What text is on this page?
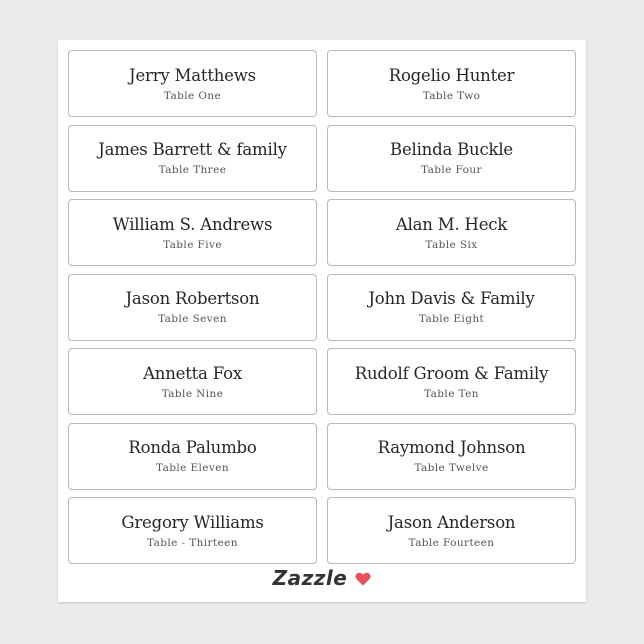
Jerry Matthews
Table One
Rogelio Hunter
Table Two
James Barrett & family
Table Three
Belinda Buckle
Table Four
William S. Andrews
Table Five
Alan M. Heck
Table Six
Jason Robertson
Table Seven
John Davis & Family
Table Eight
Annetta Fox
Table Nine
Rudolf Groom & Family
Table Ten
Ronda Palumbo
Table Eleven
Raymond Johnson
Table Twelve
Gregory Williams
Table - Thirteen
Jason Anderson
Table Fourteen
Zazzle
